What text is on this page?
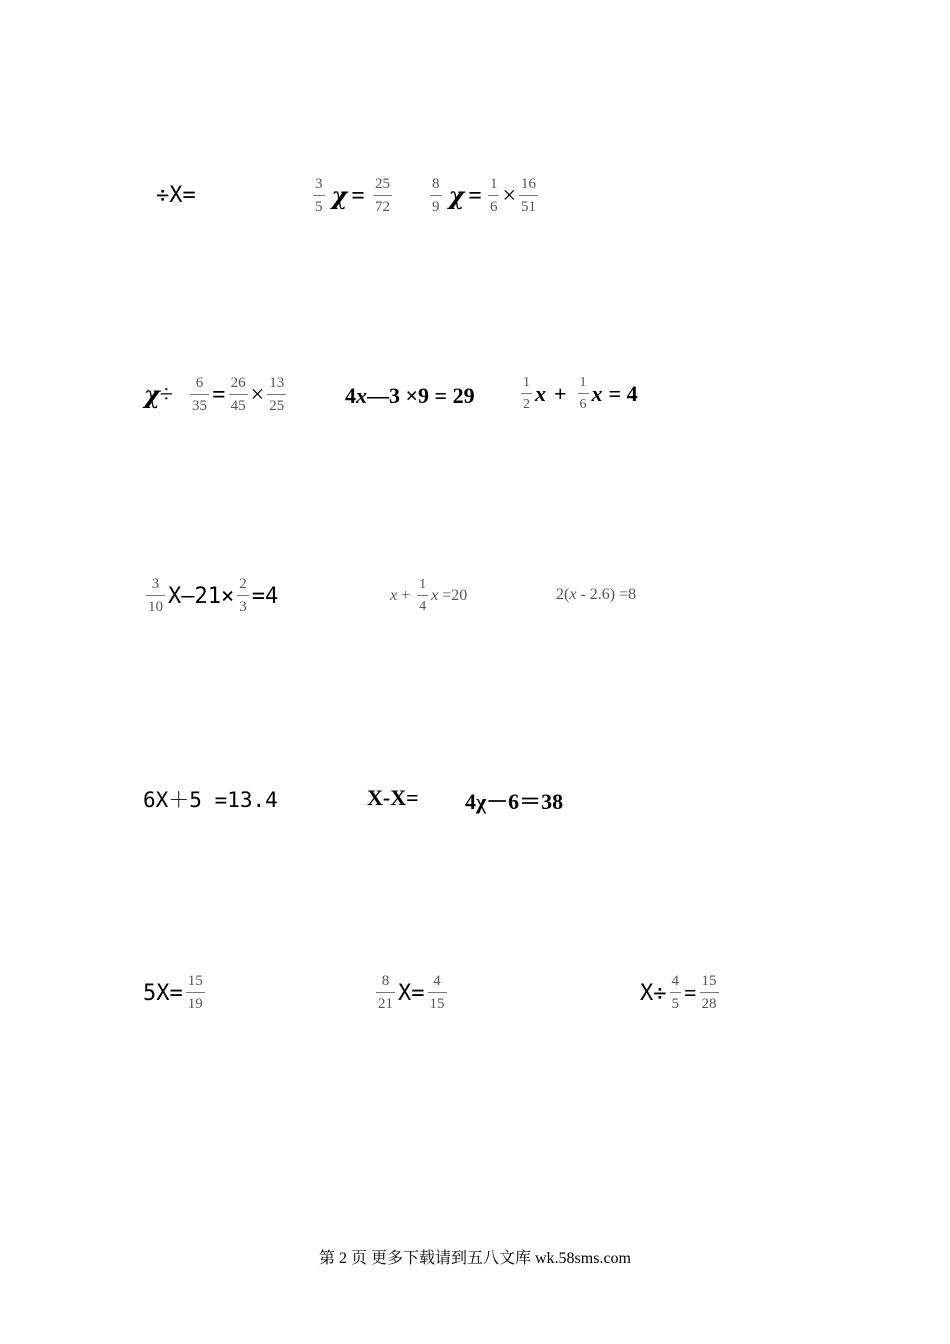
÷ X =	$\frac{3}{5}$ 𝝌 = $\frac{25}{72}$	$\frac{8}{9}$ 𝝌 = $\frac{1}{6} \times \frac{16}{51}$
𝝌 ÷ $\frac{6}{35} = \frac{26}{45} \times \frac{13}{25}$	4 x —3 ×9 = 29	$\frac{1}{2}$ $x + \frac{1}{6}$ x = 4
$\frac{3}{10}$ X—21× $\frac{2}{3} =4$	$x + \frac{1}{4}$ x =20	2( x - 2.6) =8
6X＋5 =13.4	X-X= 4χ－6＝38
$5X= \frac{15}{19}$	$\frac{8}{21} X= \frac{4}{15}$	$X\div \frac{4}{5} = \frac{15}{28}$
第 2 页 更多下载请到五八文库 wk.58sms.com
